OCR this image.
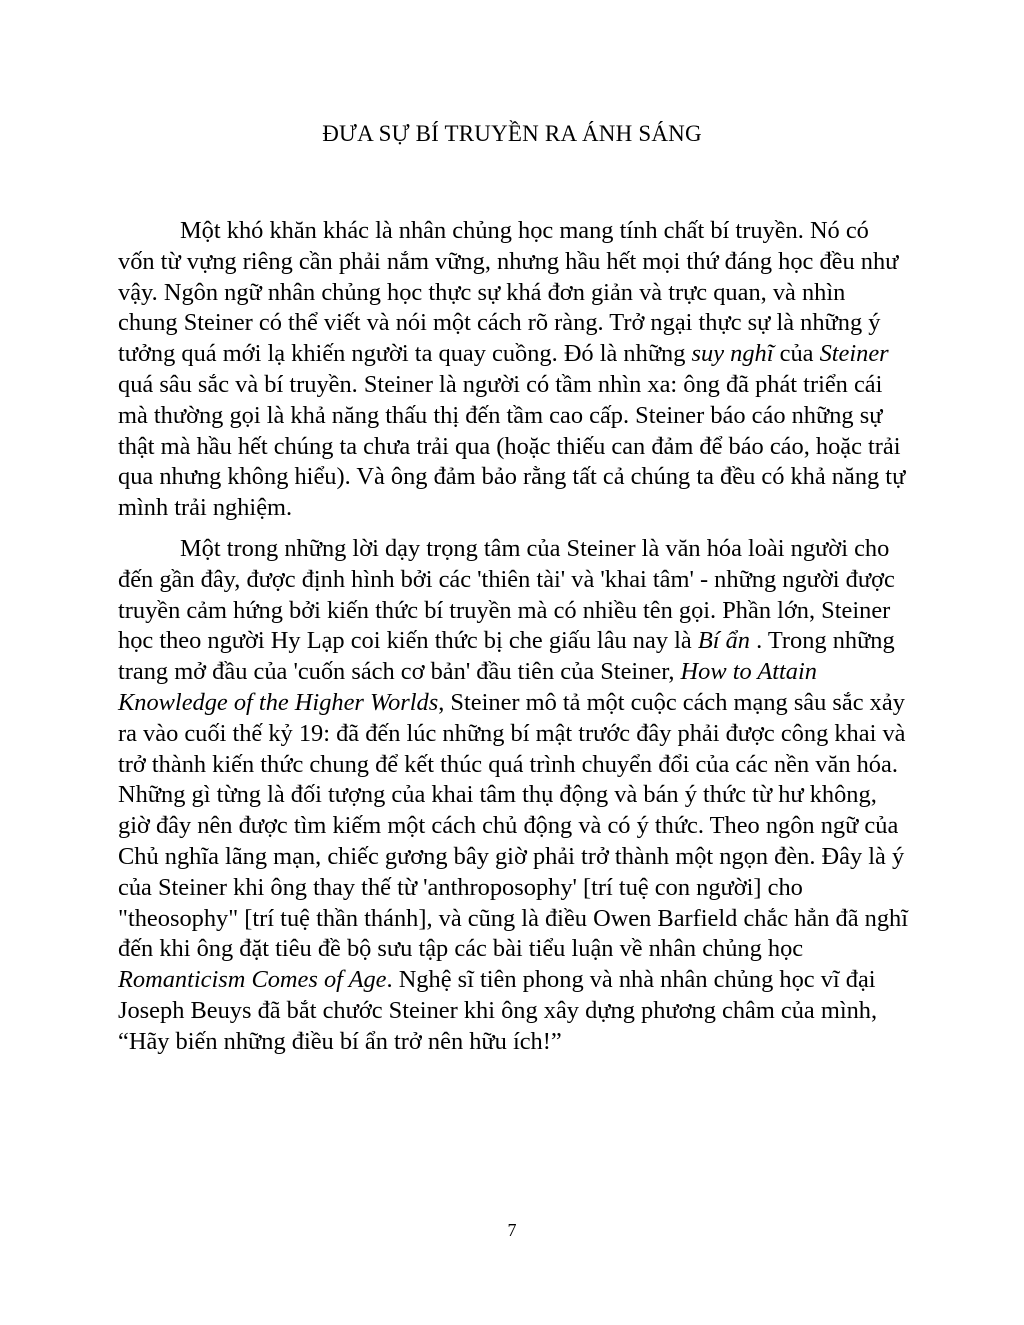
ĐƯA SỰ BÍ TRUYỀN RA ÁNH SÁNG

Một khó khăn khác là nhân chủng học mang tính chất bí truyền. Nó có vốn từ vựng riêng cần phải nắm vững, nhưng hầu hết mọi thứ đáng học đều như vậy. Ngôn ngữ nhân chủng học thực sự khá đơn giản và trực quan, và nhìn chung Steiner có thể viết và nói một cách rõ ràng. Trở ngại thực sự là những ý tưởng quá mới lạ khiến người ta quay cuồng. Đó là những suy nghĩ của Steiner quá sâu sắc và bí truyền. Steiner là người có tầm nhìn xa: ông đã phát triển cái mà thường gọi là khả năng thấu thị đến tầm cao cấp. Steiner báo cáo những sự thật mà hầu hết chúng ta chưa trải qua (hoặc thiếu can đảm để báo cáo, hoặc trải qua nhưng không hiểu). Và ông đảm bảo rằng tất cả chúng ta đều có khả năng tự mình trải nghiệm.

Một trong những lời dạy trọng tâm của Steiner là văn hóa loài người cho đến gần đây, được định hình bởi các 'thiên tài' và 'khai tâm' - những người được truyền cảm hứng bởi kiến thức bí truyền mà có nhiều tên gọi. Phần lớn, Steiner học theo người Hy Lạp coi kiến thức bị che giấu lâu nay là Bí ẩn . Trong những trang mở đầu của 'cuốn sách cơ bản' đầu tiên của Steiner, How to Attain Knowledge of the Higher Worlds, Steiner mô tả một cuộc cách mạng sâu sắc xảy ra vào cuối thế kỷ 19: đã đến lúc những bí mật trước đây phải được công khai và trở thành kiến thức chung để kết thúc quá trình chuyển đổi của các nền văn hóa. Những gì từng là đối tượng của khai tâm thụ động và bán ý thức từ hư không, giờ đây nên được tìm kiếm một cách chủ động và có ý thức. Theo ngôn ngữ của Chủ nghĩa lãng mạn, chiếc gương bây giờ phải trở thành một ngọn đèn. Đây là ý của Steiner khi ông thay thế từ 'anthroposophy' [trí tuệ con người] cho "theosophy" [trí tuệ thần thánh], và cũng là điều Owen Barfield chắc hẳn đã nghĩ đến khi ông đặt tiêu đề bộ sưu tập các bài tiểu luận về nhân chủng học Romanticism Comes of Age. Nghệ sĩ tiên phong và nhà nhân chủng học vĩ đại Joseph Beuys đã bắt chước Steiner khi ông xây dựng phương châm của mình, “Hãy biến những điều bí ẩn trở nên hữu ích!”

7
